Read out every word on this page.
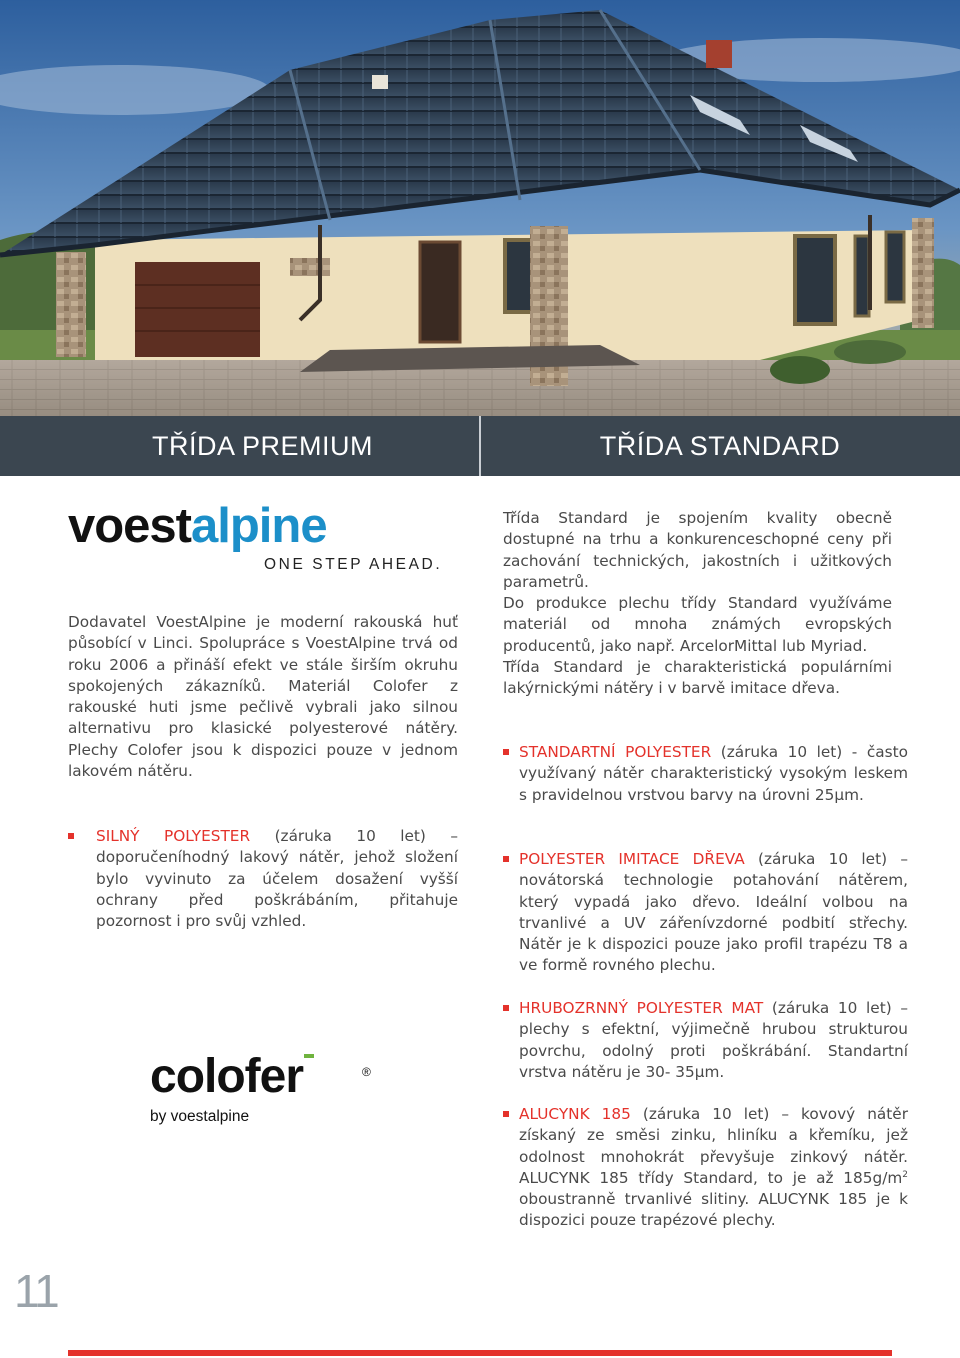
TŘÍDA PREMIUM	TŘÍDA STANDARD
voestalpine
ONE STEP AHEAD.

Dodavatel VoestAlpine je moderní rakouská huť působící v Linci. Spolupráce s VoestAlpine trvá od roku 2006 a přináší efekt ve stále širším okruhu spokojených zákazníků. Materiál Colofer z rakouské huti jsme pečlivě vybrali jako silnou alternativu pro klasické polyesterové nátěry. Plechy Colofer jsou k dispozici pouze v jednom lakovém nátěru.

SILNÝ POLYESTER (záruka 10 let) – doporučeníhodný lakový nátěr, jehož složení bylo vyvinuto za účelem dosažení vyšší ochrany před poškrábáním, přitahuje pozornost i pro svůj vzhled.

colofer	®
by voestalpine

Třída Standard je spojením kvality obecně dostupné na trhu a konkurenceschopné ceny při zachování technických, jakostních i užitkových parametrů.

Do produkce plechu třídy Standard využíváme materiál od mnoha známých evropských producentů, jako např. ArcelorMittal lub Myriad.

Třída Standard je charakteristická populárními lakýrnickými nátěry i v barvě imitace dřeva.

STANDARTNÍ POLYESTER (záruka 10 let) - často využívaný nátěr charakteristický vysokým leskem s pravidelnou vrstvou barvy na úrovni 25µm.

POLYESTER IMITACE DŘEVA (záruka 10 let) – novátorská technologie potahování nátěrem, který vypadá jako dřevo. Ideální volbou na trvanlivé a UV zářenívzdorné podbití střechy. Nátěr je k dispozici pouze jako profil trapézu T8 a ve formě rovného plechu.

HRUBOZRNNÝ POLYESTER MAT (záruka 10 let) – plechy s efektní, výjimečně hrubou strukturou povrchu, odolný proti poškrábání. Standartní vrstva nátěru je 30- 35µm.

ALUCYNK 185 (záruka 10 let) – kovový nátěr získaný ze směsi zinku, hliníku a křemíku, jež odolnost mnohokrát převyšuje zinkový nátěr. ALUCYNK 185 třídy Standard, to je až $185g/m^2$ oboustranně trvanlivé slitiny. ALUCYNK 185 je k dispozici pouze trapézové plechy.

11
